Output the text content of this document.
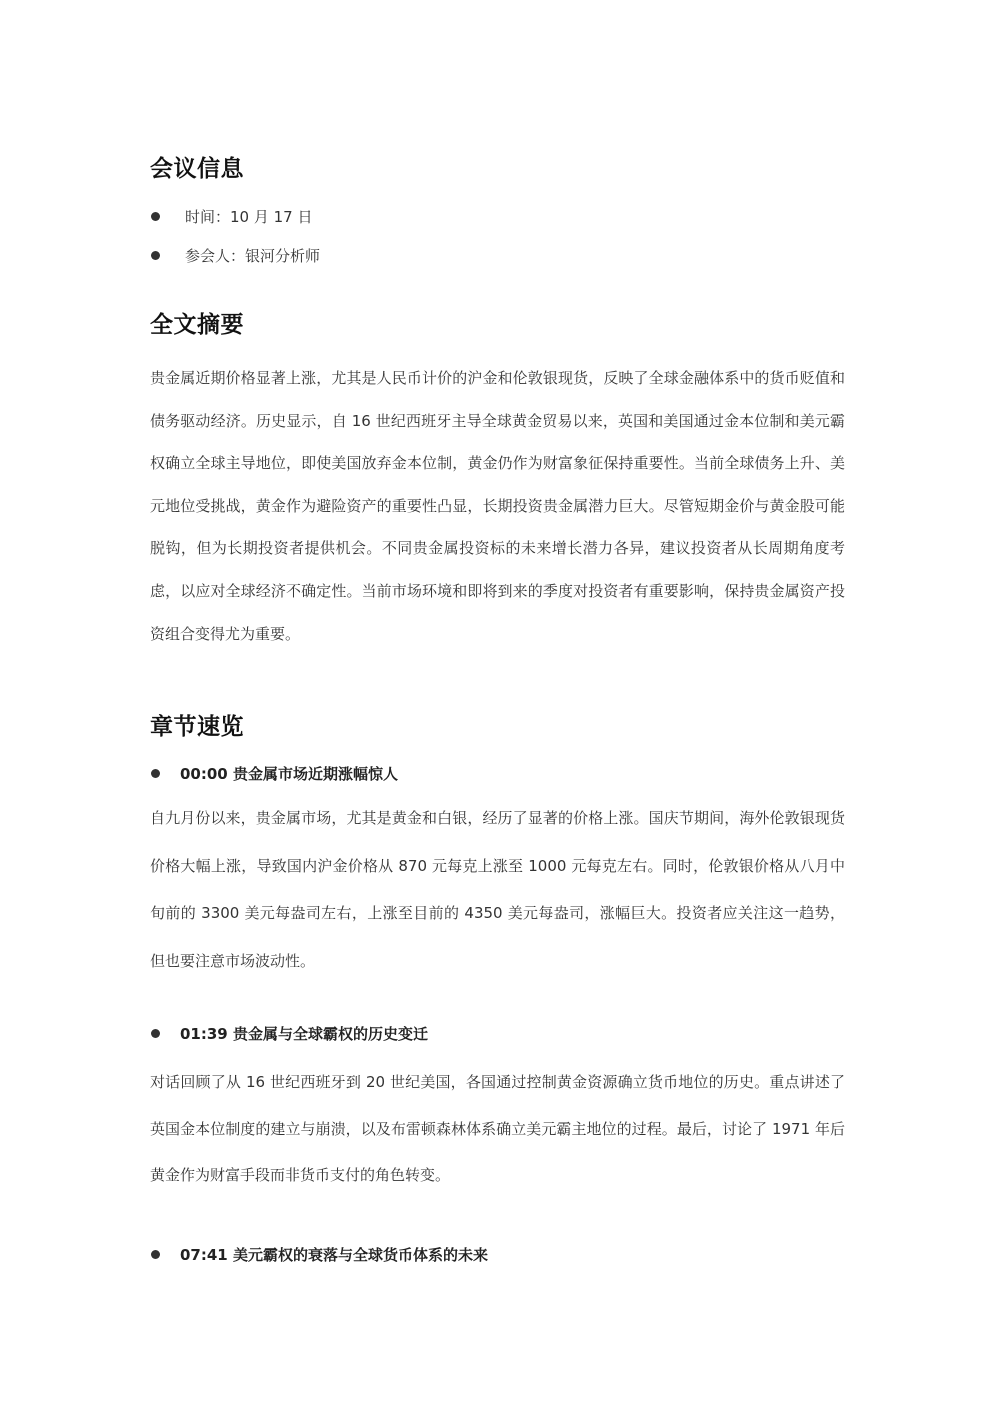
会议信息
时间：10 月 17 日
参会人：银河分析师
全文摘要

贵金属近期价格显著上涨，尤其是人民币计价的沪金和伦敦银现货，反映了全球金融体系中的货币贬值和债务驱动经济。历史显示，自 16 世纪西班牙主导全球黄金贸易以来，英国和美国通过金本位制和美元霸权确立全球主导地位，即使美国放弃金本位制，黄金仍作为财富象征保持重要性。当前全球债务上升、美元地位受挑战，黄金作为避险资产的重要性凸显，长期投资贵金属潜力巨大。尽管短期金价与黄金股可能脱钩，但为长期投资者提供机会。不同贵金属投资标的未来增长潜力各异，建议投资者从长周期角度考虑，以应对全球经济不确定性。当前市场环境和即将到来的季度对投资者有重要影响，保持贵金属资产投资组合变得尤为重要。

章节速览
00:00 贵金属市场近期涨幅惊人

自九月份以来，贵金属市场，尤其是黄金和白银，经历了显著的价格上涨。国庆节期间，海外伦敦银现货价格大幅上涨，导致国内沪金价格从 870 元每克上涨至 1000 元每克左右。同时，伦敦银价格从八月中旬前的 3300 美元每盎司左右，上涨至目前的 4350 美元每盎司，涨幅巨大。投资者应关注这一趋势，但也要注意市场波动性。

01:39 贵金属与全球霸权的历史变迁

对话回顾了从 16 世纪西班牙到 20 世纪美国，各国通过控制黄金资源确立货币地位的历史。重点讲述了英国金本位制度的建立与崩溃，以及布雷顿森林体系确立美元霸主地位的过程。最后，讨论了 1971 年后黄金作为财富手段而非货币支付的角色转变。

07:41 美元霸权的衰落与全球货币体系的未来
